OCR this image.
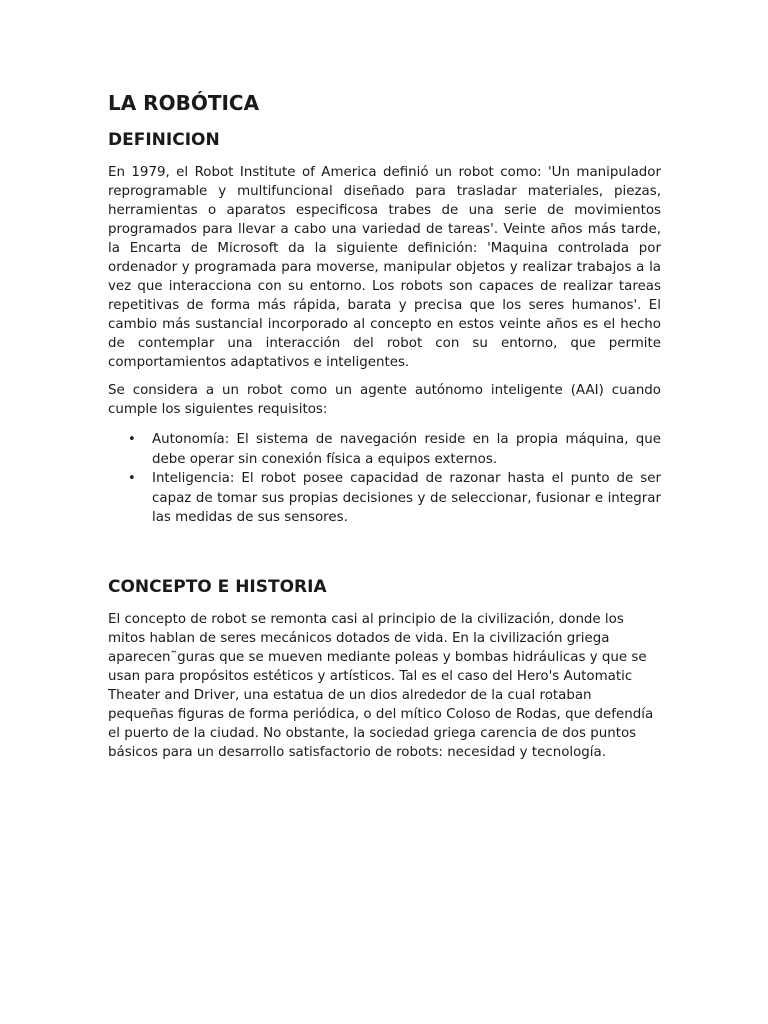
LA ROBÓTICA
DEFINICION

En 1979, el Robot Institute of America definió un robot como: 'Un manipulador reprogramable y multifuncional diseñado para trasladar materiales, piezas, herramientas o aparatos especificosa trabes de una serie de movimientos programados para llevar a cabo una variedad de tareas'. Veinte años más tarde, la Encarta de Microsoft da la siguiente definición: 'Maquina controlada por ordenador y programada para moverse, manipular objetos y realizar trabajos a la vez que interacciona con su entorno. Los robots son capaces de realizar tareas repetitivas de forma más rápida, barata y precisa que los seres humanos'. El cambio más sustancial incorporado al concepto en estos veinte años es el hecho de contemplar una interacción del robot con su entorno, que permite comportamientos adaptativos e inteligentes.

Se considera a un robot como un agente autónomo inteligente (AAI) cuando cumple los siguientes requisitos:

• Autonomía: El sistema de navegación reside en la propia máquina, que debe operar sin conexión física a equipos externos.
• Inteligencia: El robot posee capacidad de razonar hasta el punto de ser capaz de tomar sus propias decisiones y de seleccionar, fusionar e integrar las medidas de sus sensores.
CONCEPTO E HISTORIA

El concepto de robot se remonta casi al principio de la civilización, donde los mitos hablan de seres mecánicos dotados de vida. En la civilización griega aparecen˜guras que se mueven mediante poleas y bombas hidráulicas y que se usan para propósitos estéticos y artísticos. Tal es el caso del Hero's Automatic Theater and Driver, una estatua de un dios alrededor de la cual rotaban pequeñas figuras de forma periódica, o del mítico Coloso de Rodas, que defendía el puerto de la ciudad. No obstante, la sociedad griega carencia de dos puntos básicos para un desarrollo satisfactorio de robots: necesidad y tecnología.
